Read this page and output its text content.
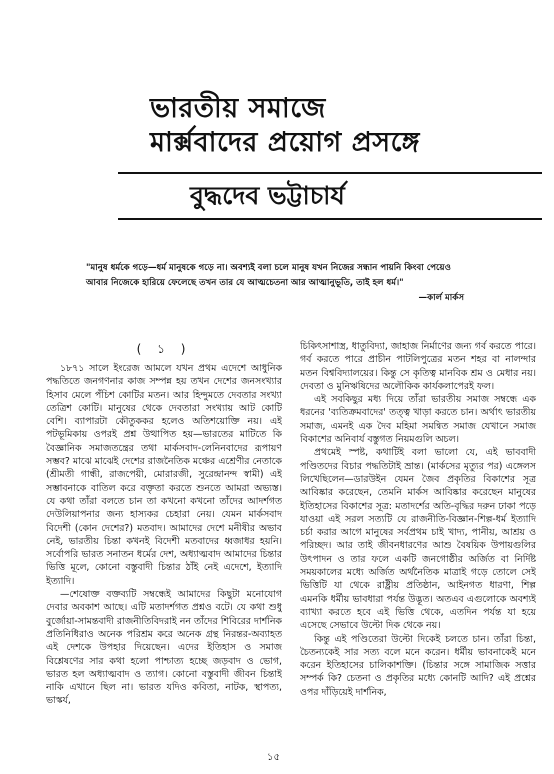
ভারতীয় সমাজে
মার্ক্সবাদের প্রয়োগ প্রসঙ্গে
বুদ্ধদেব ভট্টাচার্য
"মানুষ ধর্মকে গড়ে—ধর্ম মানুষকে গড়ে না। অবশ্যই বলা চলে মানুষ যখন নিজের সন্ধান পায়নি কিংবা পেয়েও আবার নিজেকে হারিয়ে ফেলেছে তখন তার যে আত্মচেতনা আর আত্মানুভূতি, তাই হল ধর্ম।"
—কার্ল মার্কস
( ১ )

১৮৭১ সালে ইংরেজ আমলে যখন প্রথম এদেশে আধুনিক পদ্ধতিতে জনগণনার কাজ সম্পন্ন হয় তখন দেশের জনসংখ্যার হিসাব মেলে পঁচিশ কোটির মতন। আর হিন্দুমতে দেবতার সংখ্যা তেত্রিশ কোটি। মানুষের থেকে দেবতারা সংখ্যায় আট কোটি বেশি। ব্যাপারটা কৌতুককর হলেও অতিশয়োক্তি নয়। এই পটভূমিকায় ওপরই প্রশ্ন উত্থাপিত হয়—ভারতের মাটিতে কি বৈজ্ঞানিক সমাজতন্ত্রের তথা মার্কসবাদ-লেনিনবাদের রূপায়ণ সম্ভব? মাঝে মাঝেই দেশের রাজনৈতিক মঞ্চের এশ্রেণীর নেতাকে (শ্রীমতী গান্ধী, রাজপেয়ী, মোরারজী, সুরেন্দ্রানন্দ স্বামী) এই সম্ভাবনাকে বাতিল করে বক্তৃতা করতে শুনতে আমরা অভ্যস্ত। যে কথা তাঁরা বলতে চান তা কখনো কখনো তাঁদের আদর্শগত দেউলিয়াপনার জন্য হাস্যকর চেহারা নেয়। যেমন মার্কসবাদ বিদেশী (কোন দেশের?) মতবাদ। আমাদের দেশে মনীষীর অভাব নেই, ভারতীয় চিন্তা কখনই বিদেশী মতবাদের ধ্বজাধর হয়নি। সর্বোপরি ভারত সনাতন ধর্মের দেশ, অধ্যাত্মবাদ আমাদের চিন্তার ভিত্তি মূলে, কোনো বস্তুবাদী চিন্তার ঠাঁই নেই এদেশে, ইত্যাদি ইত্যাদি।

—শেষোক্ত বক্তব্যটি সম্বন্ধেই আমাদের কিছুটা মনোযোগ দেবার অবকাশ আছে। এটি মতাদর্শগত প্রশ্নও বটে। যে কথা শুধু বুর্জোয়া-সামন্তবাদী রাজনীতিবিদরাই নন তাঁদের শিবিরের দার্শনিক প্রতিনিধিরাও অনেক পরিশ্রম করে অনেক গ্রন্থ নিরন্তর-অব্যাহত এই দেশকে উপহার দিয়েছেন। এদের ইতিহাস ও সমাজ বিশ্লেষণের সার কথা হলো পাশ্চাত্য হচ্ছে জড়বাদ ও ভোগ, ভারত হল অধ্যাত্মবাদ ও ত্যাগ। কোনো বস্তুবাদী জীবন চিন্তাই নাকি এখানে ছিল না। ভারত যদিও কবিতা, নাটক, স্থাপত্য, ভাস্কর্য,

চিকিৎসাশাস্ত্র, ধাতুবিদ্যা, জাহাজ নির্মাণের জন্য গর্ব করতে পারে। গর্ব করতে পারে প্রাচীন পাটলিপুত্রের মতন শহর বা নালন্দার মতন বিশ্ববিদ্যালয়ের। কিন্তু সে কৃতিত্ব মানবিক শ্রম ও মেধার নয়। দেবতা ও মুনিঋষিদের অলৌকিক কার্যকলাপেরই ফল।

এই সবকিছুর মধ্য দিয়ে তাঁরা ভারতীয় সমাজ সম্বন্ধে এক ধরনের 'ব্যতিক্রমবাদের' তত্ত্ব খাড়া করতে চান। অর্থাৎ ভারতীয় সমাজ, এমনই এক দৈব মহিমা সমন্বিত সমাজ যেখানে সমাজ বিকাশের অনিবার্য বস্তুগত নিয়মগুলি অচল।

প্রথমেই স্পষ্ট, কথাটিই বলা ভালো যে, এই ভাববাদী পণ্ডিতদের বিচার পদ্ধতিটাই ভ্রান্ত। (মার্কসের মৃত্যুর পর) এঙ্গেলস লিখেছিলেন—ডারউইন যেমন জৈব প্রকৃতির বিকাশের সূত্র আবিষ্কার করেছেন, তেমনি মার্কস আবিষ্কার করেছেন মানুষের ইতিহাসের বিকাশের সূত্র: মতাদর্শের অতি-বৃদ্ধির দরুন ঢাকা পড়ে যাওয়া এই সরল সত্যটি যে রাজনীতি-বিজ্ঞান-শিল্প-ধর্ম ইত্যাদি চর্চা করার আগে মানুষের সর্বপ্রথম চাই খাদ্য, পানীয়, আশ্রয় ও পরিচ্ছদ। আর তাই জীবনধারণের আশু বৈষয়িক উপায়গুলির উৎপাদন ও তার ফলে একটি জনগোষ্ঠীর অর্জিত বা নির্দিষ্ট সময়কালের মধ্যে অর্জিত অর্থনৈতিক মাত্রাই গড়ে তোলে সেই ভিত্তিটি যা থেকে রাষ্ট্রীয় প্রতিষ্ঠান, আইনগত ধারণা, শিল্প এমনকি ধর্মীয় ভাবধারা পর্যন্ত উদ্ভূত। অতএব এগুলোকে অবশ্যই ব্যাখ্যা করতে হবে এই ভিত্তি থেকে, এতদিন পর্যন্ত যা হয়ে এসেছে সেভাবে উল্টো দিক থেকে নয়।

কিন্তু এই পণ্ডিতেরা উল্টো দিকেই চলতে চান। তাঁরা চিন্তা, চৈতন্যকেই সার সত্য বলে মনে করেন। ধর্মীয় ভাবনাকেই মনে করেন ইতিহাসের চালিকাশক্তি। (চিন্তার সঙ্গে সামাজিক সত্তার সম্পর্ক কি? চেতনা ও প্রকৃতির মধ্যে কোনটি আদি? এই প্রশ্নের ওপর দাঁড়িয়েই দার্শনিক,

১৫
